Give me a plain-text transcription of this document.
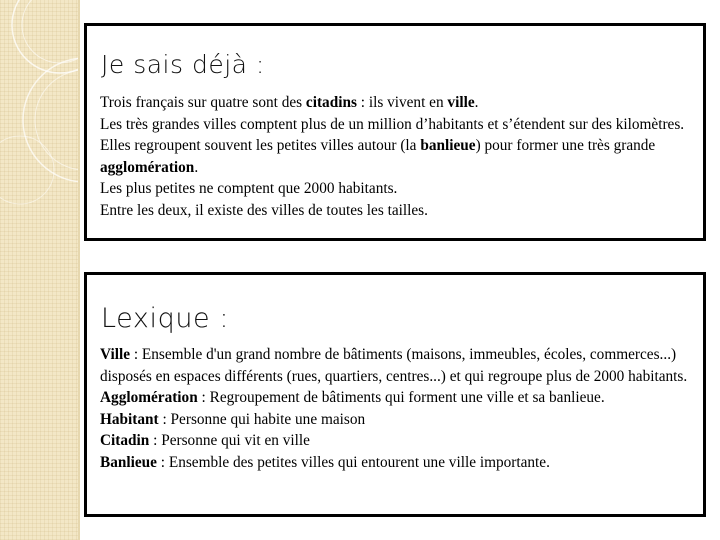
Je sais déjà :

Trois français sur quatre sont des citadins : ils vivent en ville.

Les très grandes villes comptent plus de un million d’habitants et s’étendent sur des kilomètres. Elles regroupent souvent les petites villes autour (la banlieue) pour former une très grande agglomération.

Les plus petites ne comptent que 2000 habitants.

Entre les deux, il existe des villes de toutes les tailles.

Lexique :

Ville : Ensemble d'un grand nombre de bâtiments (maisons, immeubles, écoles, commerces...) disposés en espaces différents (rues, quartiers, centres...) et qui regroupe plus de 2000 habitants.

Agglomération : Regroupement de bâtiments qui forment une ville et sa banlieue.

Habitant : Personne qui habite une maison

Citadin : Personne qui vit en ville

Banlieue : Ensemble des petites villes qui entourent une ville importante.
